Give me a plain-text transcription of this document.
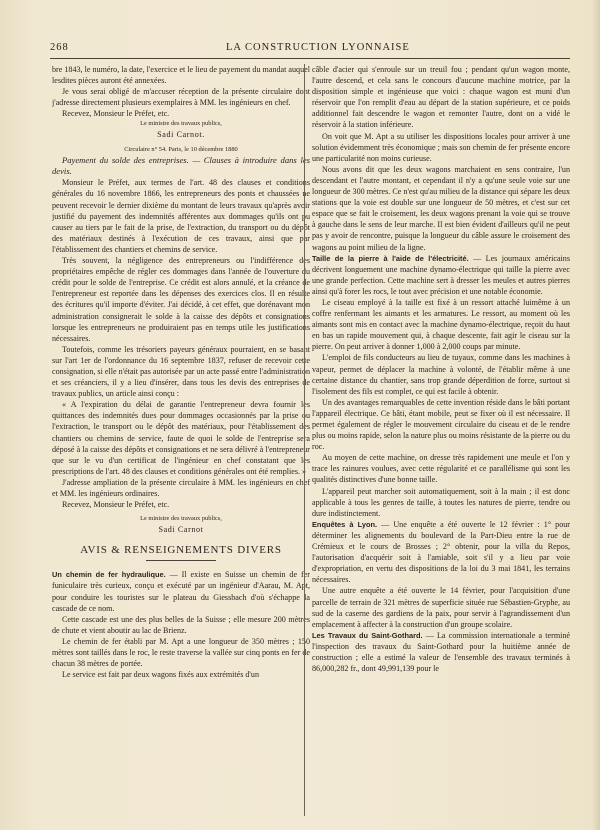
268	LA CONSTRUCTION LYONNAISE

bre 1843, le numéro, la date, l'exercice et le lieu de payement du mandat auquel lesdites pièces auront été annexées.

Je vous serai obligé de m'accuser réception de la présente circulaire dont j'adresse directement plusieurs exemplaires à MM. les ingénieurs en chef.

Recevez, Monsieur le Préfet, etc.

Le ministre des travaux publics,
Sadi Carnot.
Circulaire n° 54. Paris, le 10 décembre 1880

Payement du solde des entreprises. — Clauses à introduire dans les devis.

Monsieur le Préfet, aux termes de l'art. 48 des clauses et conditions générales du 16 novembre 1866, les entrepreneurs des ponts et chaussées ne peuvent recevoir le dernier dixième du montant de leurs travaux qu'après avoir justifié du payement des indemnités afférentes aux dommages qu'ils ont pu causer au tiers par le fait de la prise, de l'extraction, du transport ou du dépôt des matériaux destinés à l'exécution de ces travaux, ainsi que par l'établissement des chantiers et chemins de service.

Très souvent, la négligence des entrepreneurs ou l'indifférence des propriétaires empêche de régler ces dommages dans l'année de l'ouverture du crédit pour le solde de l'entreprise. Ce crédit est alors annulé, et la créance de l'entrepreneur est reportée dans les dépenses des exercices clos. Il en résulte des écritures qu'il importe d'éviter. J'ai décidé, à cet effet, que dorénavant mon administration consignerait le solde à la caisse des dépôts et consignations lorsque les entrepreneurs ne produiraient pas en temps utile les justifications nécessaires.

Toutefois, comme les trésoriers payeurs généraux pourraient, en se basant sur l'art 1er de l'ordonnance du 16 septembre 1837, refuser de recevoir cette consignation, si elle n'était pas autorisée par un acte passé entre l'administration et ses créanciers, il y a lieu d'insérer, dans tous les devis des entreprises de travaux publics, un article ainsi conçu :

« A l'expiration du délai de garantie l'entrepreneur devra fournir les quittances des indemnités dues pour dommages occasionnés par la prise ou l'extraction, le transport ou le dépôt des matériaux, pour l'établissement des chantiers ou chemins de service, faute de quoi le solde de l'entreprise sera déposé à la caisse des dépôts et consignations et ne sera délivré à l'entrepreneur que sur le vu d'un certificat de l'ingénieur en chef constatant que les prescriptions de l'art. 48 des clauses et conditions générales ont été remplies. »

J'adresse ampliation de la présente circulaire à MM. les ingénieurs en chef et MM. les ingénieurs ordinaires.

Recevez, Monsieur le Préfet, etc.

Le ministre des travaux publics,
Sadi Carnot
AVIS & RENSEIGNEMENTS DIVERS

Un chemin de fer hydraulique. — Il existe en Suisse un chemin de fer funiculaire très curieux, conçu et exécuté par un ingénieur d'Aarau, M. Apt, pour conduire les touristes sur le plateau du Giessbach d'où s'échappe la cascade de ce nom.

Cette cascade est une des plus belles de la Suisse ; elle mesure 200 mètres de chute et vient aboutir au lac de Brienz.

Le chemin de fer établi par M. Apt a une longueur de 350 mètres ; 150 mètres sont taillés dans le roc, le reste traverse la vallée sur cinq ponts en fer de chacun 38 mètres de portée.

Le service est fait par deux wagons fixés aux extrémités d'un

câble d'acier qui s'enroule sur un treuil fou ; pendant qu'un wagon monte, l'autre descend, et cela sans le concours d'aucune machine motrice, par la disposition simple et ingénieuse que voici : chaque wagon est muni d'un réservoir que l'on remplit d'eau au départ de la station supérieure, et ce poids additionnel fait descendre le wagon et remonter l'autre, dont on a vidé le réservoir à la station inférieure.

On voit que M. Apt a su utiliser les dispositions locales pour arriver à une solution évidemment très économique ; mais son chemin de fer présente encore une particularité non moins curieuse.

Nous avons dit que les deux wagons marchaient en sens contraire, l'un descendant et l'autre montant, et cependant il n'y a qu'une seule voie sur une longueur de 300 mètres. Ce n'est qu'au milieu de la distance qui sépare les deux stations que la voie est double sur une longueur de 50 mètres, et c'est sur cet espace que se fait le croisement, les deux wagons prenant la voie qui se trouve à gauche dans le sens de leur marche. Il est bien évident d'ailleurs qu'il ne peut pas y avoir de rencontre, puisque la longueur du câble assure le croisement des wagons au point milieu de la ligne.

Taille de la pierre à l'aide de l'électricité. — Les journaux américains décrivent longuement une machine dynamo-électrique qui taille la pierre avec une grande perfection. Cette machine sert à dresser les meules et autres pierres ainsi qu'à forer les rocs, le tout avec précision et une notable économie.

Le ciseau employé à la taille est fixé à un ressort attaché luimême à un coffre renfermant les aimants et les armatures. Le ressort, au moment où les aimants sont mis en contact avec la machine dynamo-électrique, reçoit du haut en bas un rapide mouvement qui, à chaque descente, fait agir le ciseau sur la pierre. On peut arriver à donner 1,000 à 2,000 coups par minute.

L'emploi de fils conducteurs au lieu de tuyaux, comme dans les machines à vapeur, permet de déplacer la machine à volonté, de l'établir même à une certaine distance du chantier, sans trop grande déperdition de force, surtout si l'isolement des fils est complet, ce qui est facile à obtenir.

Un des avantages remarquables de cette invention réside dans le bâti portant l'appareil électrique. Ce bâti, étant mobile, peut se fixer où il est nécessaire. Il permet également de régler le mouvement circulaire du ciseau et de le rendre plus ou moins rapide, selon la nature plus ou moins résistante de la pierre ou du roc.

Au moyen de cette machine, on dresse très rapidement une meule et l'on y trace les rainures voulues, avec cette régularité et ce parallélisme qui sont les qualités distinctives d'une bonne taille.

L'appareil peut marcher soit automatiquement, soit à la main ; il est donc applicable à tous les genres de taille, à toutes les natures de pierre, tendre ou dure indistinctement.

Enquêtes à Lyon. — Une enquête a été ouverte le 12 février : 1° pour déterminer les alignements du boulevard de la Part-Dieu entre la rue de Crémieux et le cours de Brosses ; 2° obtenir, pour la villa du Repos, l'autorisation d'acquérir soit à l'amiable, soit s'il y a lieu par voie d'expropriation, en vertu des dispositions de la loi du 3 mai 1841, les terrains nécessaires.

Une autre enquête a été ouverte le 14 février, pour l'acquisition d'une parcelle de terrain de 321 mètres de superficie située rue Sébastien-Gryphe, au sud de la caserne des gardiens de la paix, pour servir à l'agrandissement d'un emplacement à affecter à la construction d'un groupe scolaire.

Les Travaux du Saint-Gothard. — La commission internationale a terminé l'inspection des travaux du Saint-Gothard pour la huitième année de construction ; elle a estimé la valeur de l'ensemble des travaux terminés à 86,000,282 fr., dont 49,991,139 pour le
